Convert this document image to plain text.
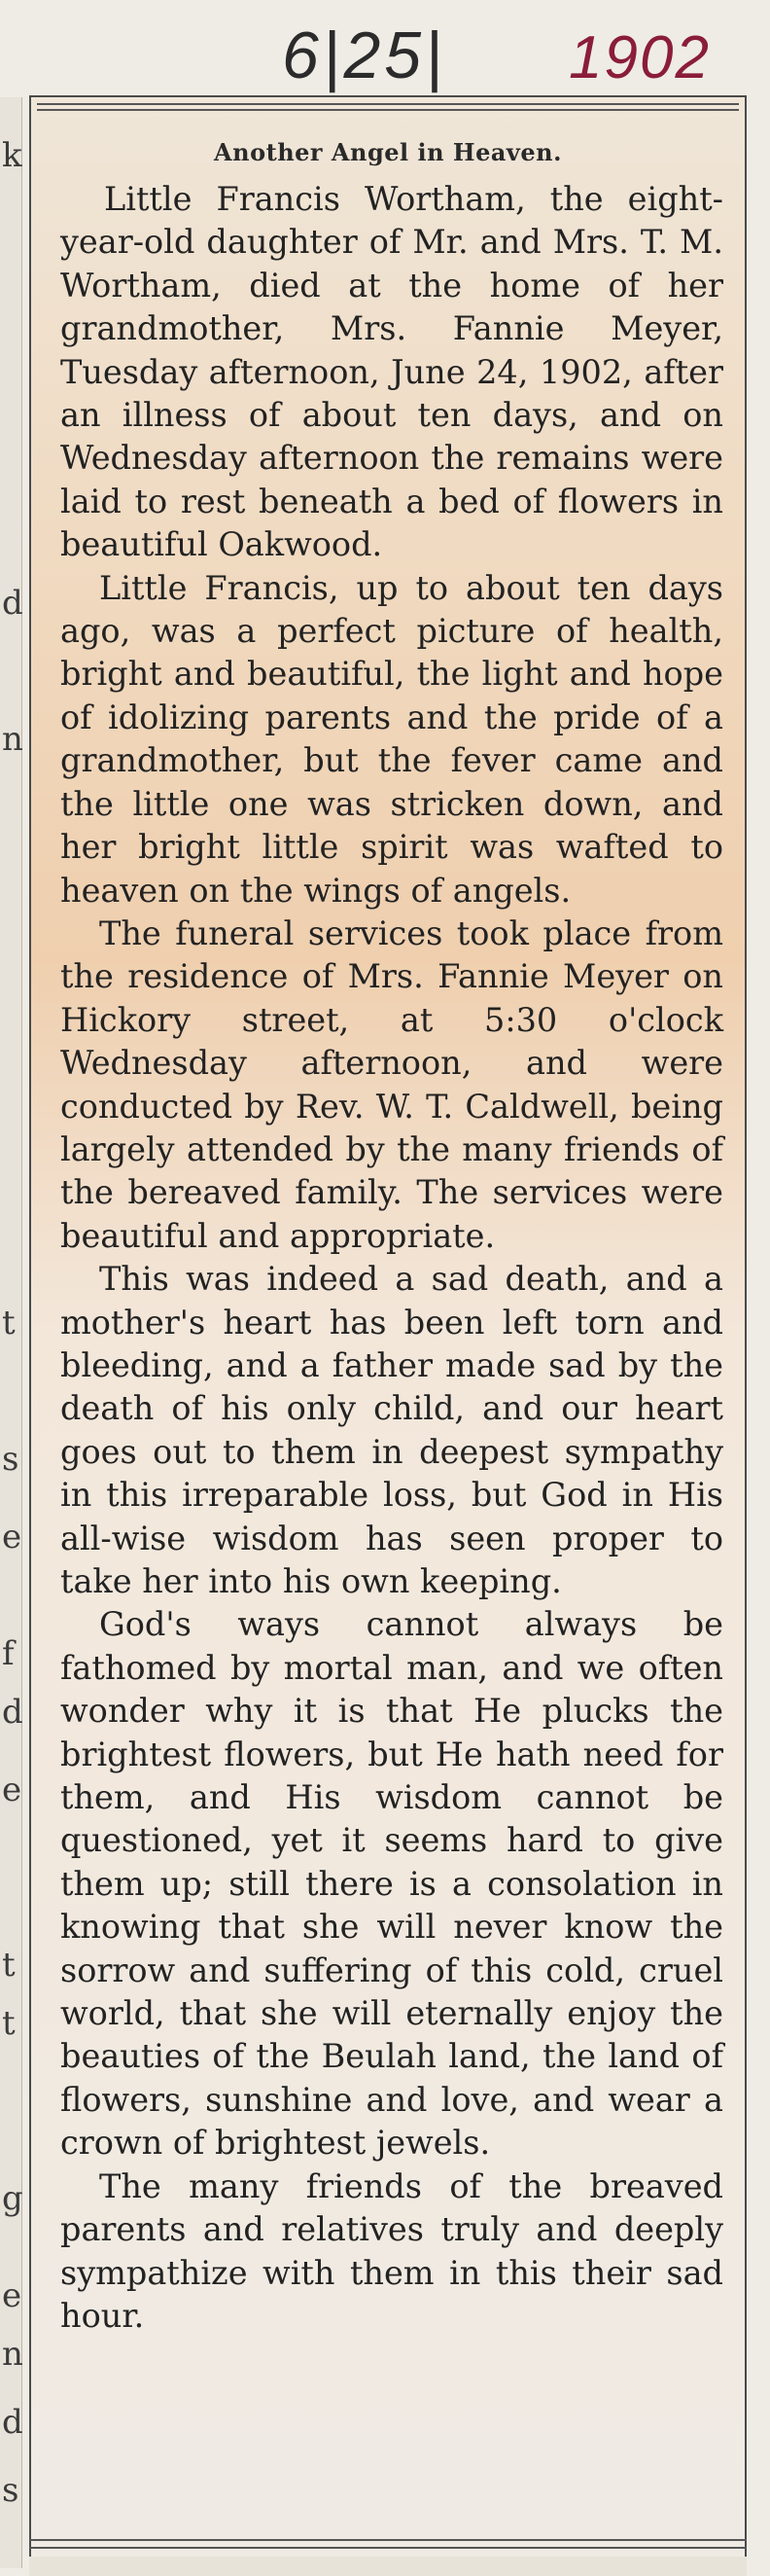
6|25| 1902
k
d
n
t
s
e
f
d
e
t
t
g
e
n
d
s
Another Angel in Heaven.

Little Francis Wortham, the eight-year-old daughter of Mr. and Mrs. T. M. Wortham, died at the home of her grandmother, Mrs. Fannie Meyer, Tuesday afternoon, June 24, 1902, after an illness of about ten days, and on Wednesday afternoon the remains were laid to rest beneath a bed of flowers in beautiful Oakwood.

Little Francis, up to about ten days ago, was a perfect picture of health, bright and beautiful, the light and hope of idolizing parents and the pride of a grandmother, but the fever came and the little one was stricken down, and her bright little spirit was wafted to heaven on the wings of angels.

The funeral services took place from the residence of Mrs. Fannie Meyer on Hickory street, at 5:30 o'clock Wednesday afternoon, and were conducted by Rev. W. T. Caldwell, being largely attended by the many friends of the bereaved family. The services were beautiful and appropriate.

This was indeed a sad death, and a mother's heart has been left torn and bleeding, and a father made sad by the death of his only child, and our heart goes out to them in deepest sympathy in this irreparable loss, but God in His all-wise wisdom has seen proper to take her into his own keeping.

God's ways cannot always be fathomed by mortal man, and we often wonder why it is that He plucks the brightest flowers, but He hath need for them, and His wisdom cannot be questioned, yet it seems hard to give them up; still there is a consolation in knowing that she will never know the sorrow and suffering of this cold, cruel world, that she will eternally enjoy the beauties of the Beulah land, the land of flowers, sunshine and love, and wear a crown of brightest jewels.

The many friends of the breaved parents and relatives truly and deeply sympathize with them in this their sad hour.
